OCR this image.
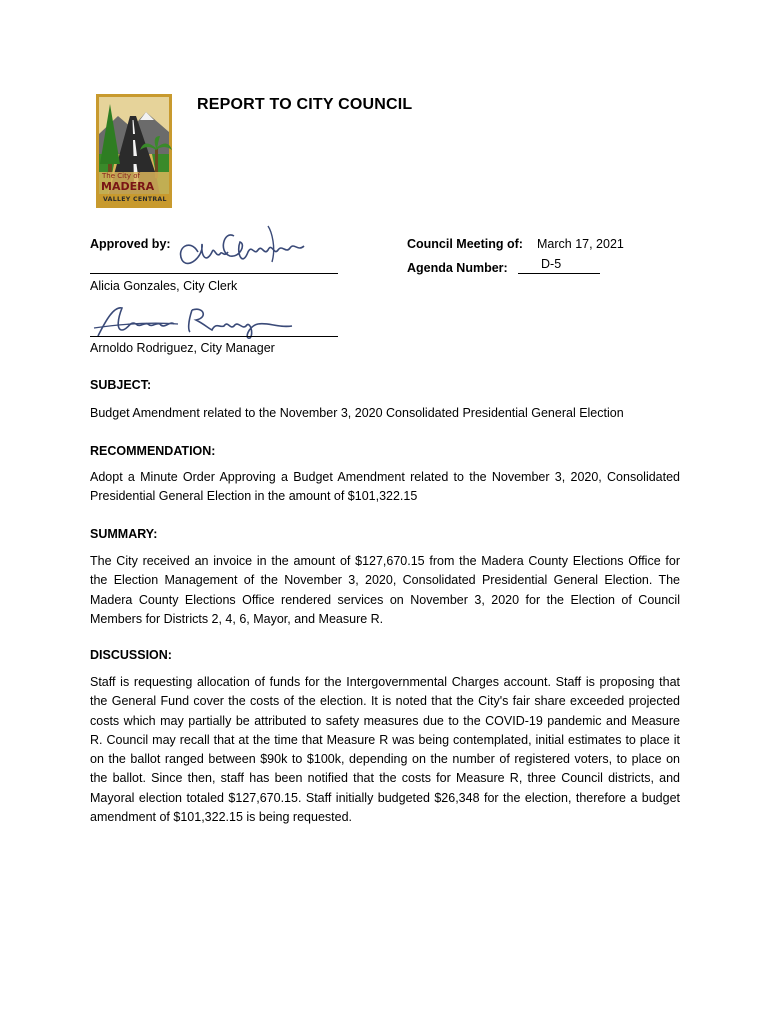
The City of
MADERA
VALLEY CENTRAL
REPORT TO CITY COUNCIL
Approved by:
Alicia Gonzales, City Clerk
Arnoldo Rodriguez, City Manager
Council Meeting of: March 17, 2021
Agenda Number:	D-5
SUBJECT:
Budget Amendment related to the November 3, 2020 Consolidated Presidential General Election
RECOMMENDATION:
Adopt a Minute Order Approving a Budget Amendment related to the November 3, 2020, Consolidated Presidential General Election in the amount of $101,322.15
SUMMARY:
The City received an invoice in the amount of $127,670.15 from the Madera County Elections Office for the Election Management of the November 3, 2020, Consolidated Presidential General Election. The Madera County Elections Office rendered services on November 3, 2020 for the Election of Council Members for Districts 2, 4, 6, Mayor, and Measure R.
DISCUSSION:
Staff is requesting allocation of funds for the Intergovernmental Charges account. Staff is proposing that the General Fund cover the costs of the election. It is noted that the City's fair share exceeded projected costs which may partially be attributed to safety measures due to the COVID-19 pandemic and Measure R. Council may recall that at the time that Measure R was being contemplated, initial estimates to place it on the ballot ranged between $90k to $100k, depending on the number of registered voters, to place on the ballot. Since then, staff has been notified that the costs for Measure R, three Council districts, and Mayoral election totaled $127,670.15. Staff initially budgeted $26,348 for the election, therefore a budget amendment of $101,322.15 is being requested.
